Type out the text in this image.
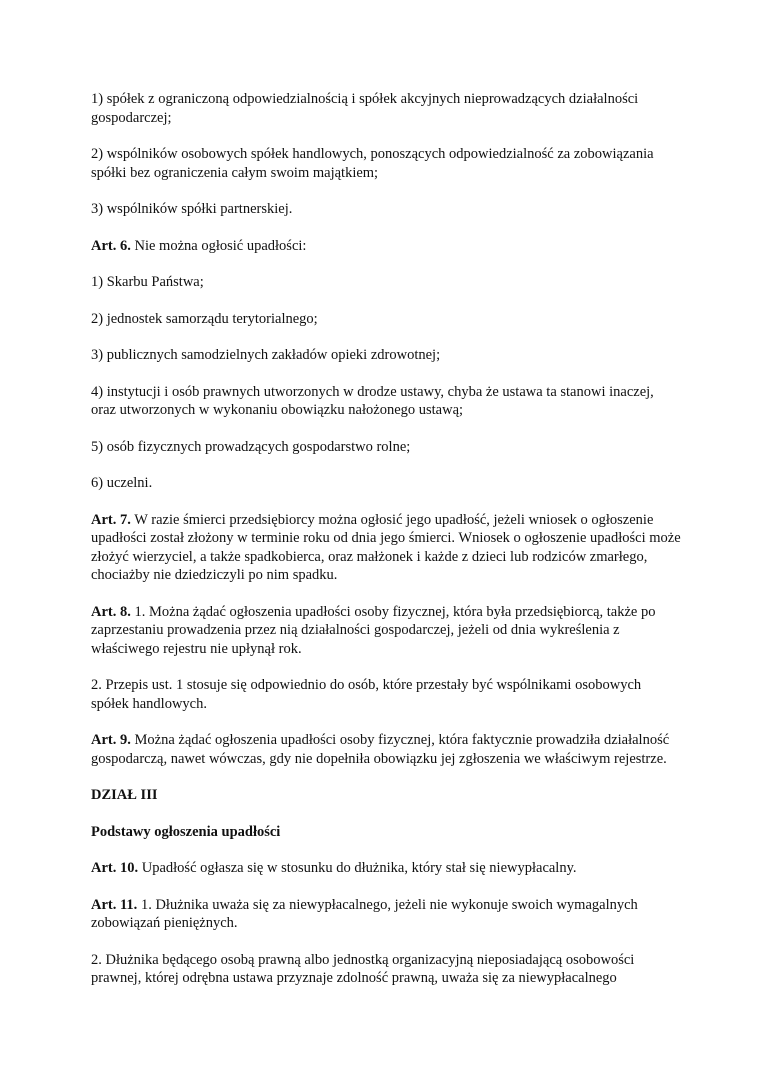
1) spółek z ograniczoną odpowiedzialnością i spółek akcyjnych nieprowadzących działalności gospodarczej;

2) wspólników osobowych spółek handlowych, ponoszących odpowiedzialność za zobowiązania spółki bez ograniczenia całym swoim majątkiem;

3) wspólników spółki partnerskiej.

Art. 6. Nie można ogłosić upadłości:

1) Skarbu Państwa;

2) jednostek samorządu terytorialnego;

3) publicznych samodzielnych zakładów opieki zdrowotnej;

4) instytucji i osób prawnych utworzonych w drodze ustawy, chyba że ustawa ta stanowi inaczej, oraz utworzonych w wykonaniu obowiązku nałożonego ustawą;

5) osób fizycznych prowadzących gospodarstwo rolne;

6) uczelni.

Art. 7. W razie śmierci przedsiębiorcy można ogłosić jego upadłość, jeżeli wniosek o ogłoszenie upadłości został złożony w terminie roku od dnia jego śmierci. Wniosek o ogłoszenie upadłości może złożyć wierzyciel, a także spadkobierca, oraz małżonek i każde z dzieci lub rodziców zmarłego, chociażby nie dziedziczyli po nim spadku.

Art. 8. 1. Można żądać ogłoszenia upadłości osoby fizycznej, która była przedsiębiorcą, także po zaprzestaniu prowadzenia przez nią działalności gospodarczej, jeżeli od dnia wykreślenia z właściwego rejestru nie upłynął rok.

2. Przepis ust. 1 stosuje się odpowiednio do osób, które przestały być wspólnikami osobowych spółek handlowych.

Art. 9. Można żądać ogłoszenia upadłości osoby fizycznej, która faktycznie prowadziła działalność gospodarczą, nawet wówczas, gdy nie dopełniła obowiązku jej zgłoszenia we właściwym rejestrze.

DZIAŁ III

Podstawy ogłoszenia upadłości

Art. 10. Upadłość ogłasza się w stosunku do dłużnika, który stał się niewypłacalny.

Art. 11. 1. Dłużnika uważa się za niewypłacalnego, jeżeli nie wykonuje swoich wymagalnych zobowiązań pieniężnych.

2. Dłużnika będącego osobą prawną albo jednostką organizacyjną nieposiadającą osobowości prawnej, której odrębna ustawa przyznaje zdolność prawną, uważa się za niewypłacalnego
